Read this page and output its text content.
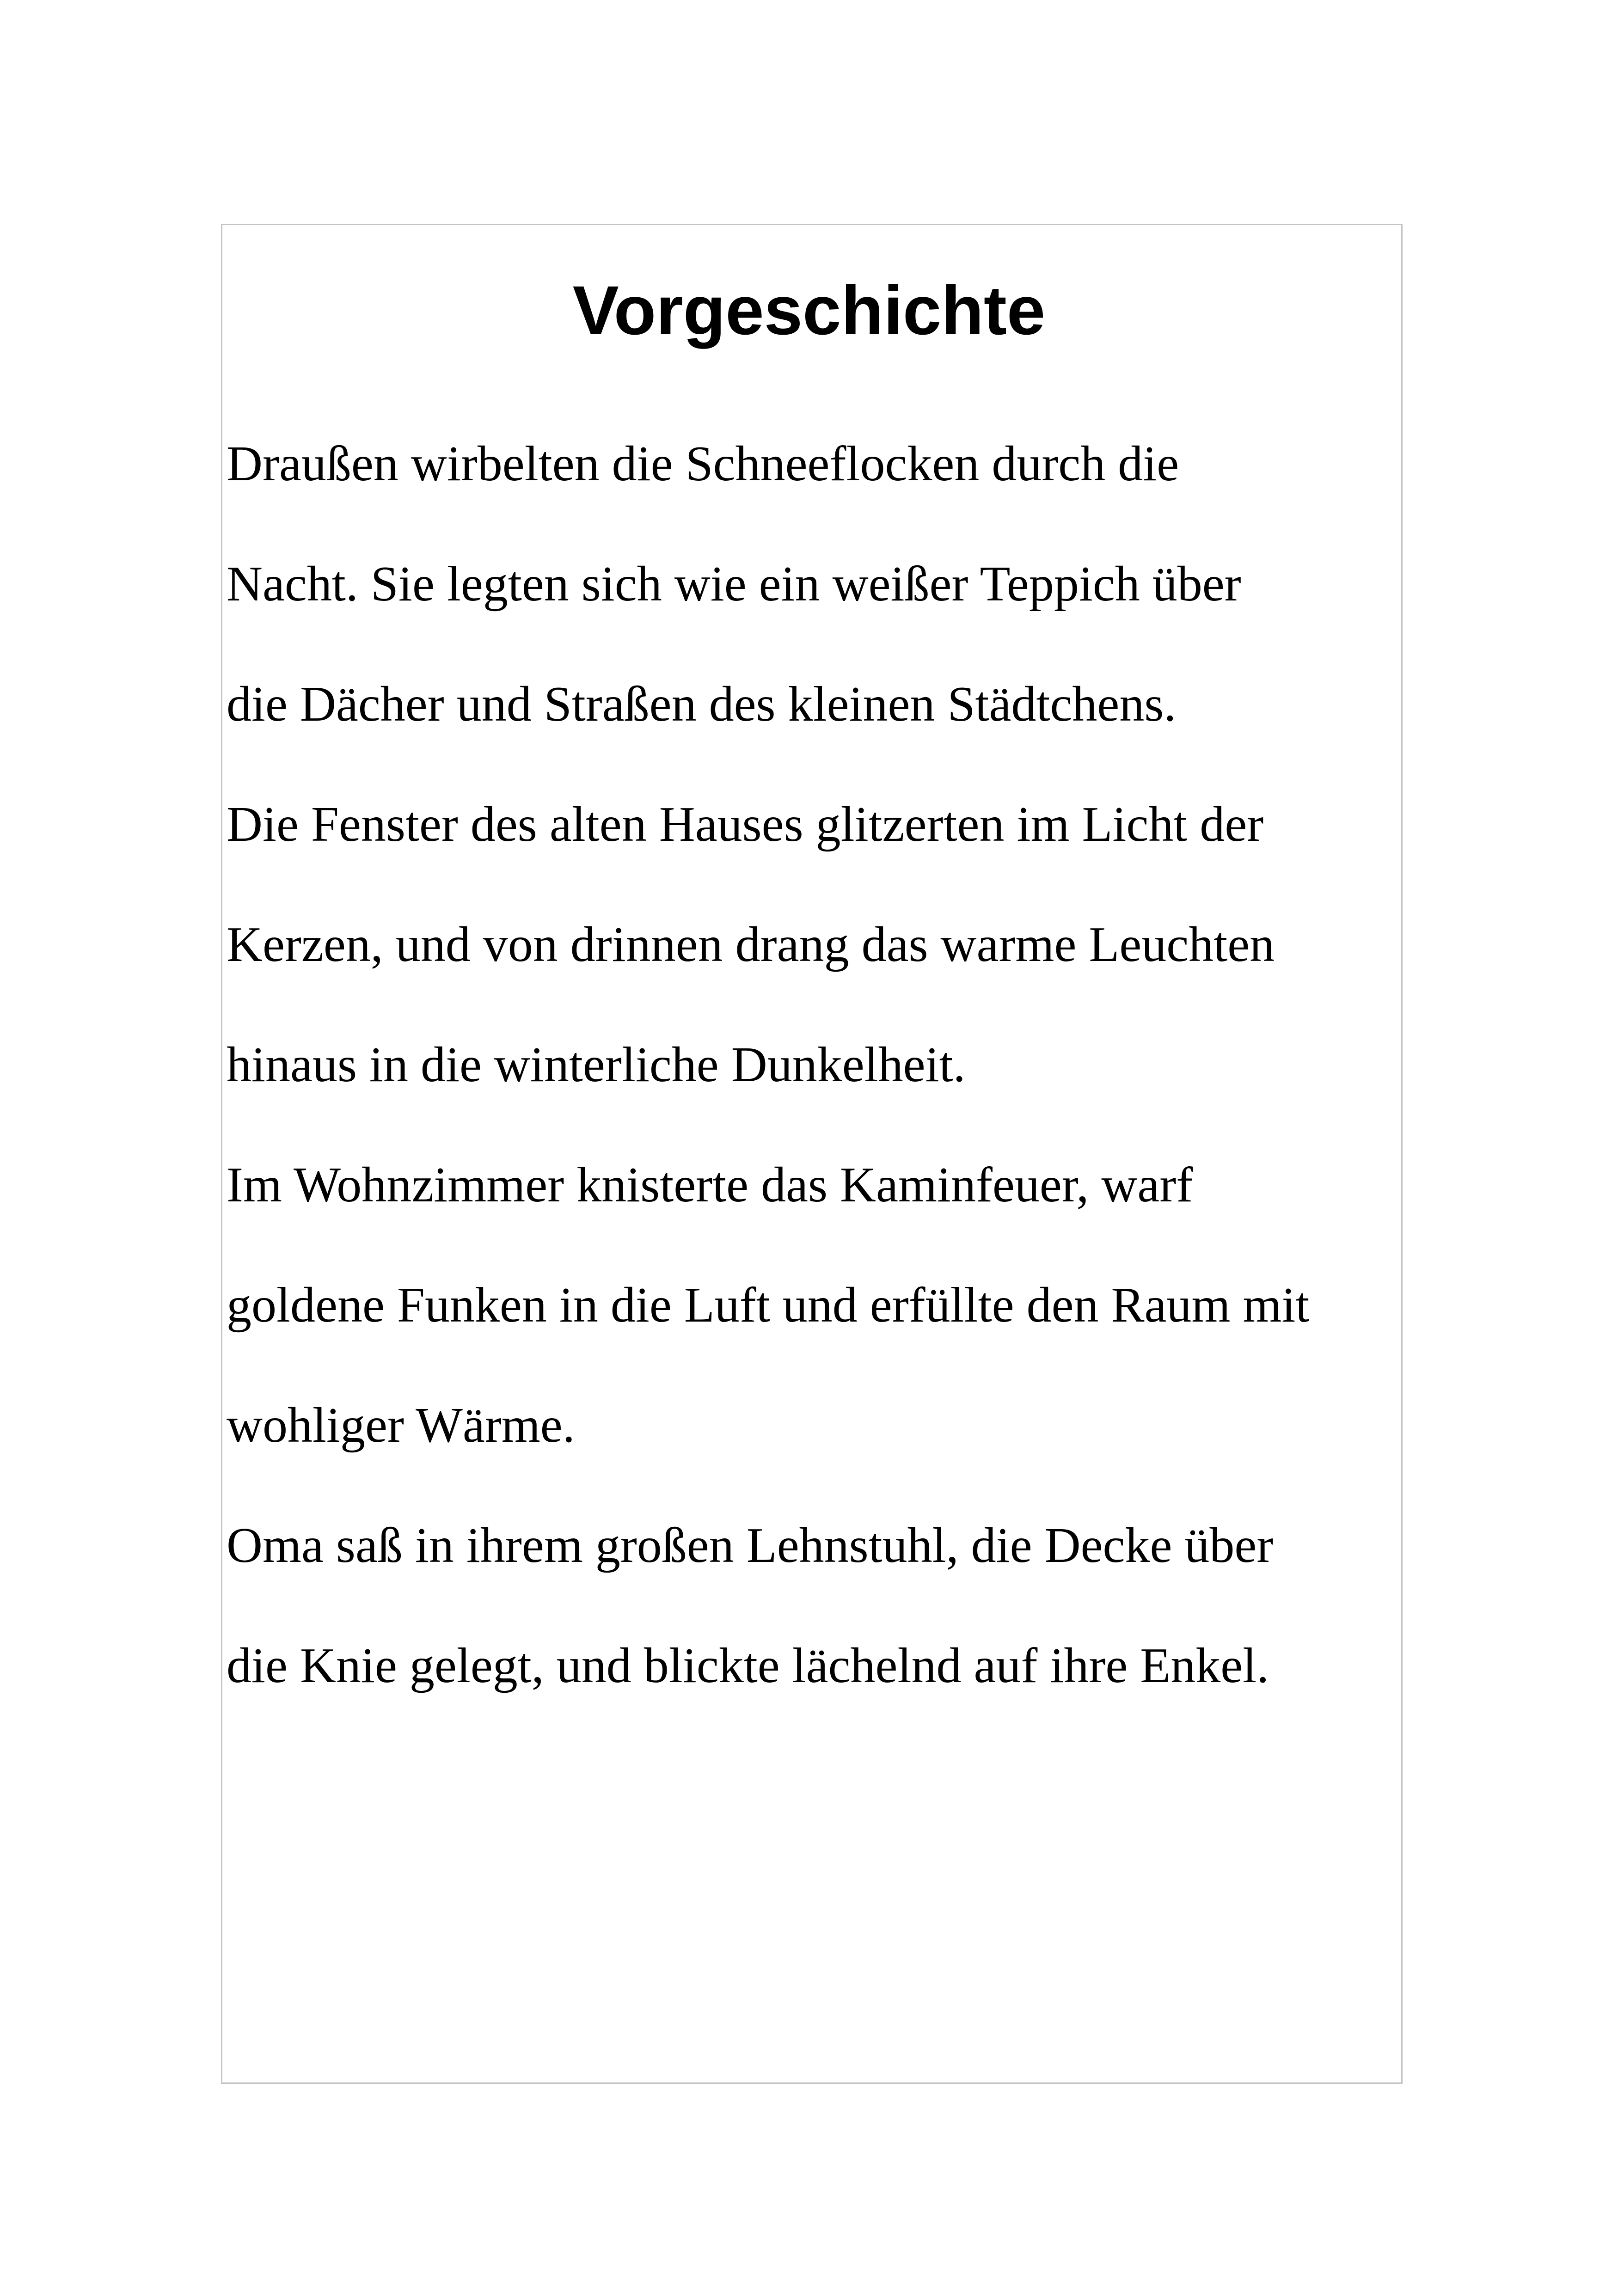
Vorgeschichte
Draußen wirbelten die Schneeflocken durch die
Nacht. Sie legten sich wie ein weißer Teppich über
die Dächer und Straßen des kleinen Städtchens.
Die Fenster des alten Hauses glitzerten im Licht der
Kerzen, und von drinnen drang das warme Leuchten
hinaus in die winterliche Dunkelheit.
Im Wohnzimmer knisterte das Kaminfeuer, warf
goldene Funken in die Luft und erfüllte den Raum mit
wohliger Wärme.
Oma saß in ihrem großen Lehnstuhl, die Decke über
die Knie gelegt, und blickte lächelnd auf ihre Enkel.
